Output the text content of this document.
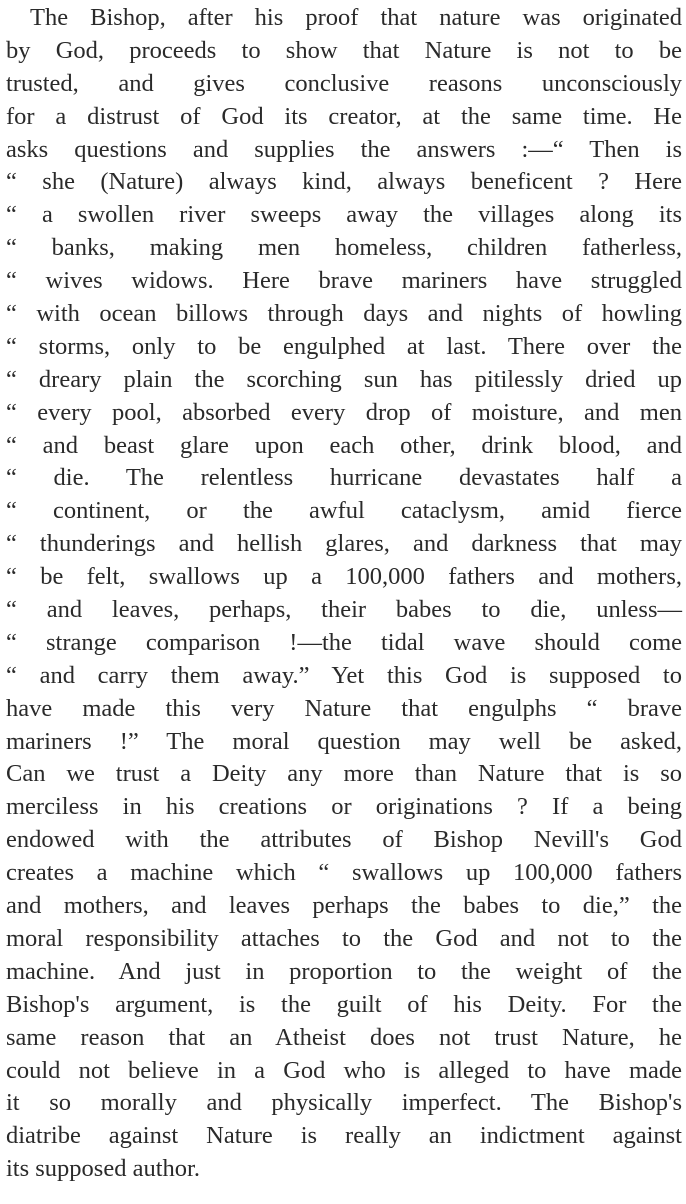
The Bishop, after his proof that nature was originated
by God, proceeds to show that Nature is not to be
trusted, and gives conclusive reasons unconsciously
for a distrust of God its creator, at the same time. He
asks questions and supplies the answers :—“ Then is
“ she (Nature) always kind, always beneficent ? Here
“ a swollen river sweeps away the villages along its
“ banks, making men homeless, children fatherless,
“ wives widows. Here brave mariners have struggled
“ with ocean billows through days and nights of howling
“ storms, only to be engulphed at last. There over the
“ dreary plain the scorching sun has pitilessly dried up
“ every pool, absorbed every drop of moisture, and men
“ and beast glare upon each other, drink blood, and
“ die. The relentless hurricane devastates half a
“ continent, or the awful cataclysm, amid fierce
“ thunderings and hellish glares, and darkness that may
“ be felt, swallows up a 100,000 fathers and mothers,
“ and leaves, perhaps, their babes to die, unless—
“ strange comparison !—the tidal wave should come
“ and carry them away.” Yet this God is supposed to
have made this very Nature that engulphs “ brave
mariners !” The moral question may well be asked,
Can we trust a Deity any more than Nature that is so
merciless in his creations or originations ? If a being
endowed with the attributes of Bishop Nevill's God
creates a machine which “ swallows up 100,000 fathers
and mothers, and leaves perhaps the babes to die,” the
moral responsibility attaches to the God and not to the
machine. And just in proportion to the weight of the
Bishop's argument, is the guilt of his Deity. For the
same reason that an Atheist does not trust Nature, he
could not believe in a God who is alleged to have made
it so morally and physically imperfect. The Bishop's
diatribe against Nature is really an indictment against
its supposed author.
